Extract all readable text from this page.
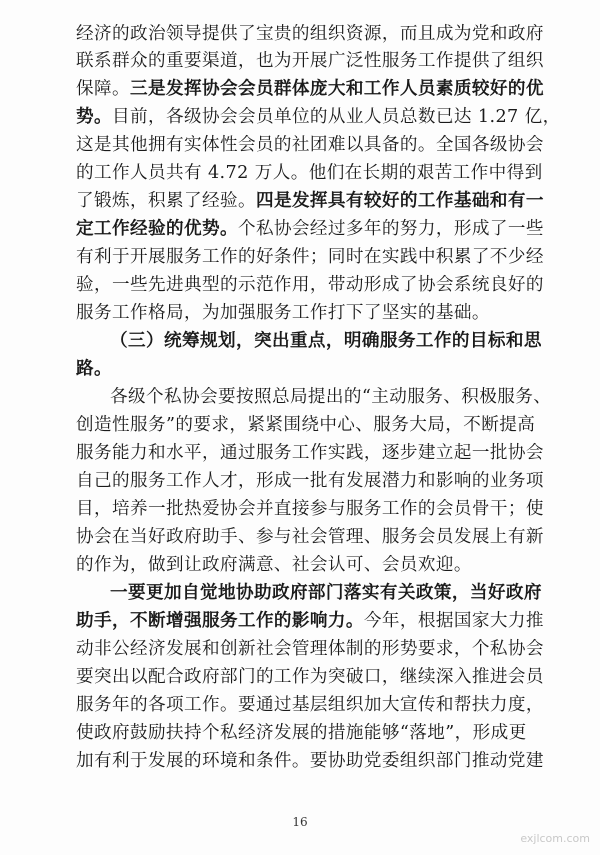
经济的政治领导提供了宝贵的组织资源，而且成为党和政府
联系群众的重要渠道，也为开展广泛性服务工作提供了组织
保障。三是发挥协会会员群体庞大和工作人员素质较好的优
势。目前，各级协会会员单位的从业人员总数已达 1.27 亿，
这是其他拥有实体性会员的社团难以具备的。全国各级协会
的工作人员共有 4.72 万人。他们在长期的艰苦工作中得到
了锻炼，积累了经验。四是发挥具有较好的工作基础和有一
定工作经验的优势。个私协会经过多年的努力，形成了一些
有利于开展服务工作的好条件；同时在实践中积累了不少经
验，一些先进典型的示范作用，带动形成了协会系统良好的
服务工作格局，为加强服务工作打下了坚实的基础。
（三）统筹规划，突出重点，明确服务工作的目标和思
路。
各级个私协会要按照总局提出的“主动服务、积极服务、
创造性服务”的要求，紧紧围绕中心、服务大局，不断提高
服务能力和水平，通过服务工作实践，逐步建立起一批协会
自己的服务工作人才，形成一批有发展潜力和影响的业务项
目，培养一批热爱协会并直接参与服务工作的会员骨干；使
协会在当好政府助手、参与社会管理、服务会员发展上有新
的作为，做到让政府满意、社会认可、会员欢迎。
一要更加自觉地协助政府部门落实有关政策，当好政府
助手，不断增强服务工作的影响力。今年，根据国家大力推
动非公经济发展和创新社会管理体制的形势要求，个私协会
要突出以配合政府部门的工作为突破口，继续深入推进会员
服务年的各项工作。要通过基层组织加大宣传和帮扶力度，
使政府鼓励扶持个私经济发展的措施能够“落地”，形成更
加有利于发展的环境和条件。要协助党委组织部门推动党建
16
exjlcom.com
